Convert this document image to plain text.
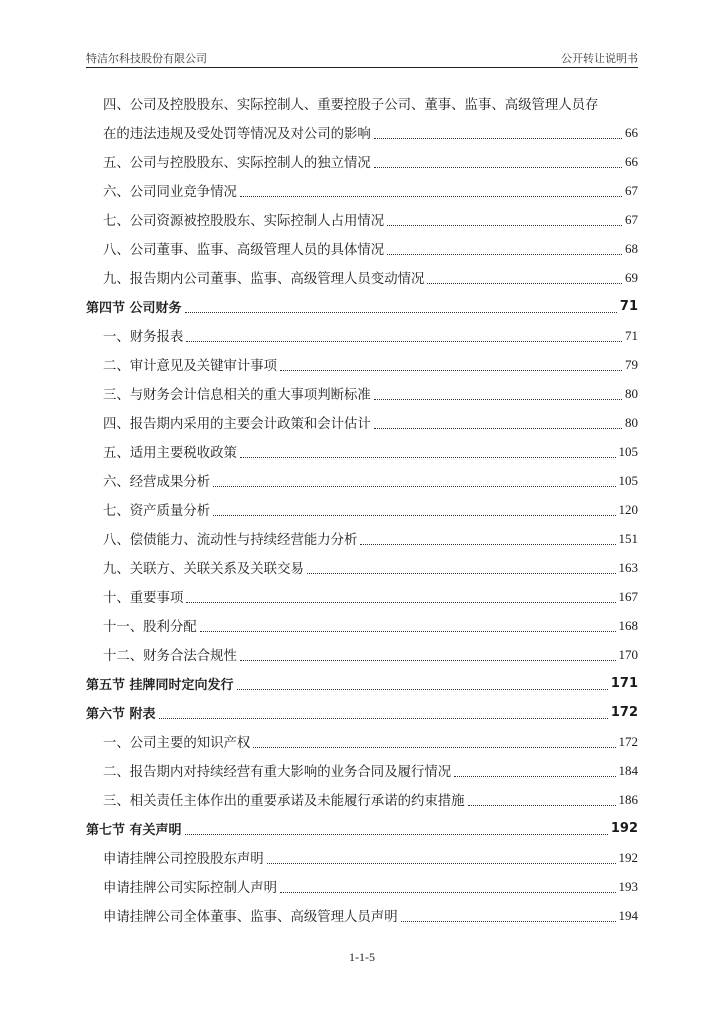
特洁尔科技股份有限公司	公开转让说明书
四、公司及控股股东、实际控制人、重要控股子公司、董事、监事、高级管理人员存
在的违法违规及受处罚等情况及对公司的影响	66
五、公司与控股股东、实际控制人的独立情况	66
六、公司同业竞争情况	67
七、公司资源被控股股东、实际控制人占用情况	67
八、公司董事、监事、高级管理人员的具体情况	68
九、报告期内公司董事、监事、高级管理人员变动情况	69
第四节 公司财务	71
一、财务报表	71
二、审计意见及关键审计事项	79
三、与财务会计信息相关的重大事项判断标准	80
四、报告期内采用的主要会计政策和会计估计	80
五、适用主要税收政策	105
六、经营成果分析	105
七、资产质量分析	120
八、偿债能力、流动性与持续经营能力分析	151
九、关联方、关联关系及关联交易	163
十、重要事项	167
十一、股利分配	168
十二、财务合法合规性	170
第五节 挂牌同时定向发行	171
第六节 附表	172
一、公司主要的知识产权	172
二、报告期内对持续经营有重大影响的业务合同及履行情况	184
三、相关责任主体作出的重要承诺及未能履行承诺的约束措施	186
第七节 有关声明	192
申请挂牌公司控股股东声明	192
申请挂牌公司实际控制人声明	193
申请挂牌公司全体董事、监事、高级管理人员声明	194
1-1-5
